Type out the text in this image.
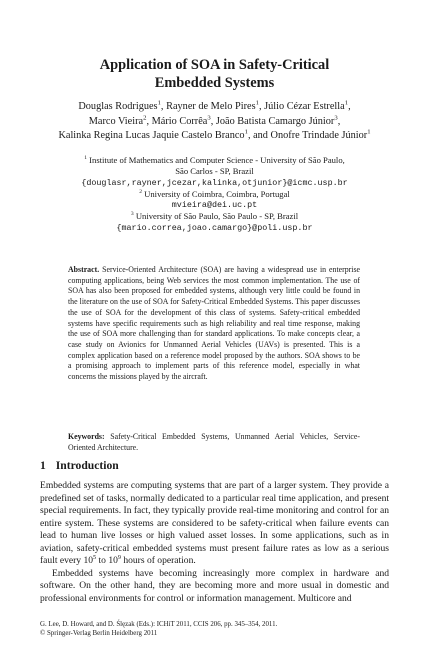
Application of SOA in Safety-Critical
Embedded Systems
Douglas Rodrigues$^1$, Rayner de Melo Pires$^1$, Júlio Cézar Estrella$^1$,
Marco Vieira$^2$, Mário Corrêa$^3$, João Batista Camargo Júnior$^3$,
Kalinka Regina Lucas Jaquie Castelo Branco$^1$, and Onofre Trindade Júnior$^1$
$^1$ Institute of Mathematics and Computer Science - University of São Paulo,
São Carlos - SP, Brazil
{douglasr,rayner,jcezar,kalinka,otjunior}@icmc.usp.br
$^2$ University of Coimbra, Coimbra, Portugal
mvieira@dei.uc.pt
$^3$ University of São Paulo, São Paulo - SP, Brazil
{mario.correa,joao.camargo}@poli.usp.br
Abstract. Service-Oriented Architecture (SOA) are having a widespread use in enterprise computing applications, being Web services the most common implementation. The use of SOA has also been proposed for embedded systems, although very little could be found in the literature on the use of SOA for Safety-Critical Embedded Systems. This paper discusses the use of SOA for the development of this class of systems. Safety-critical embedded systems have specific requirements such as high reliability and real time response, making the use of SOA more challenging than for standard applications. To make concepts clear, a case study on Avionics for Unmanned Aerial Vehicles (UAVs) is presented. This is a complex application based on a reference model proposed by the authors. SOA shows to be a promising approach to implement parts of this reference model, especially in what concerns the missions played by the aircraft.
Keywords: Safety-Critical Embedded Systems, Unmanned Aerial Vehicles, Service-Oriented Architecture.
1 Introduction

Embedded systems are computing systems that are part of a larger system. They provide a predefined set of tasks, normally dedicated to a particular real time application, and present special requirements. In fact, they typically provide real-time monitoring and control for an entire system. These systems are considered to be safety-critical when failure events can lead to human live losses or high valued asset losses. In some applications, such as in aviation, safety-critical embedded systems must present failure rates as low as a serious fault every $10^5$ to $10^9$ hours of operation.

Embedded systems have becoming increasingly more complex in hardware and software. On the other hand, they are becoming more and more usual in domestic and professional environments for control or information management. Multicore and

G. Lee, D. Howard, and D. Ślęzak (Eds.): ICHiT 2011, CCIS 206, pp. 345–354, 2011.
© Springer-Verlag Berlin Heidelberg 2011
